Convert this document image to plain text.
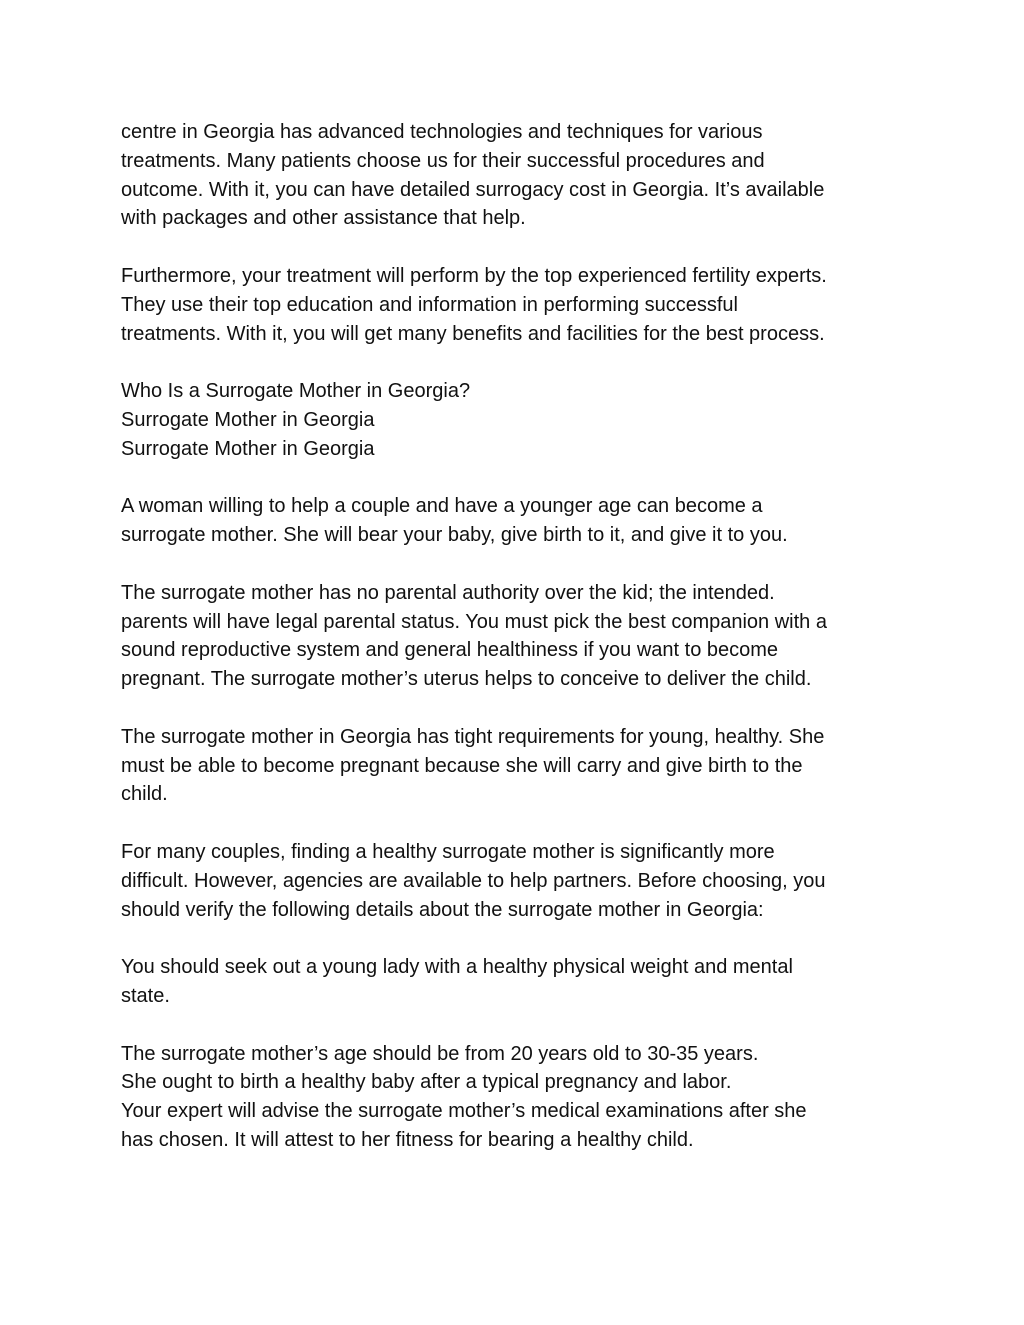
centre in Georgia has advanced technologies and techniques for various
treatments. Many patients choose us for their successful procedures and
outcome. With it, you can have detailed surrogacy cost in Georgia. It’s available
with packages and other assistance that help.
Furthermore, your treatment will perform by the top experienced fertility experts.
They use their top education and information in performing successful
treatments. With it, you will get many benefits and facilities for the best process.
Who Is a Surrogate Mother in Georgia?
Surrogate Mother in Georgia
Surrogate Mother in Georgia
A woman willing to help a couple and have a younger age can become a
surrogate mother. She will bear your baby, give birth to it, and give it to you.
The surrogate mother has no parental authority over the kid; the intended.
parents will have legal parental status. You must pick the best companion with a
sound reproductive system and general healthiness if you want to become
pregnant. The surrogate mother’s uterus helps to conceive to deliver the child.
The surrogate mother in Georgia has tight requirements for young, healthy. She
must be able to become pregnant because she will carry and give birth to the
child.
For many couples, finding a healthy surrogate mother is significantly more
difficult. However, agencies are available to help partners. Before choosing, you
should verify the following details about the surrogate mother in Georgia:
You should seek out a young lady with a healthy physical weight and mental
state.
The surrogate mother’s age should be from 20 years old to 30-35 years.
She ought to birth a healthy baby after a typical pregnancy and labor.
Your expert will advise the surrogate mother’s medical examinations after she
has chosen. It will attest to her fitness for bearing a healthy child.
